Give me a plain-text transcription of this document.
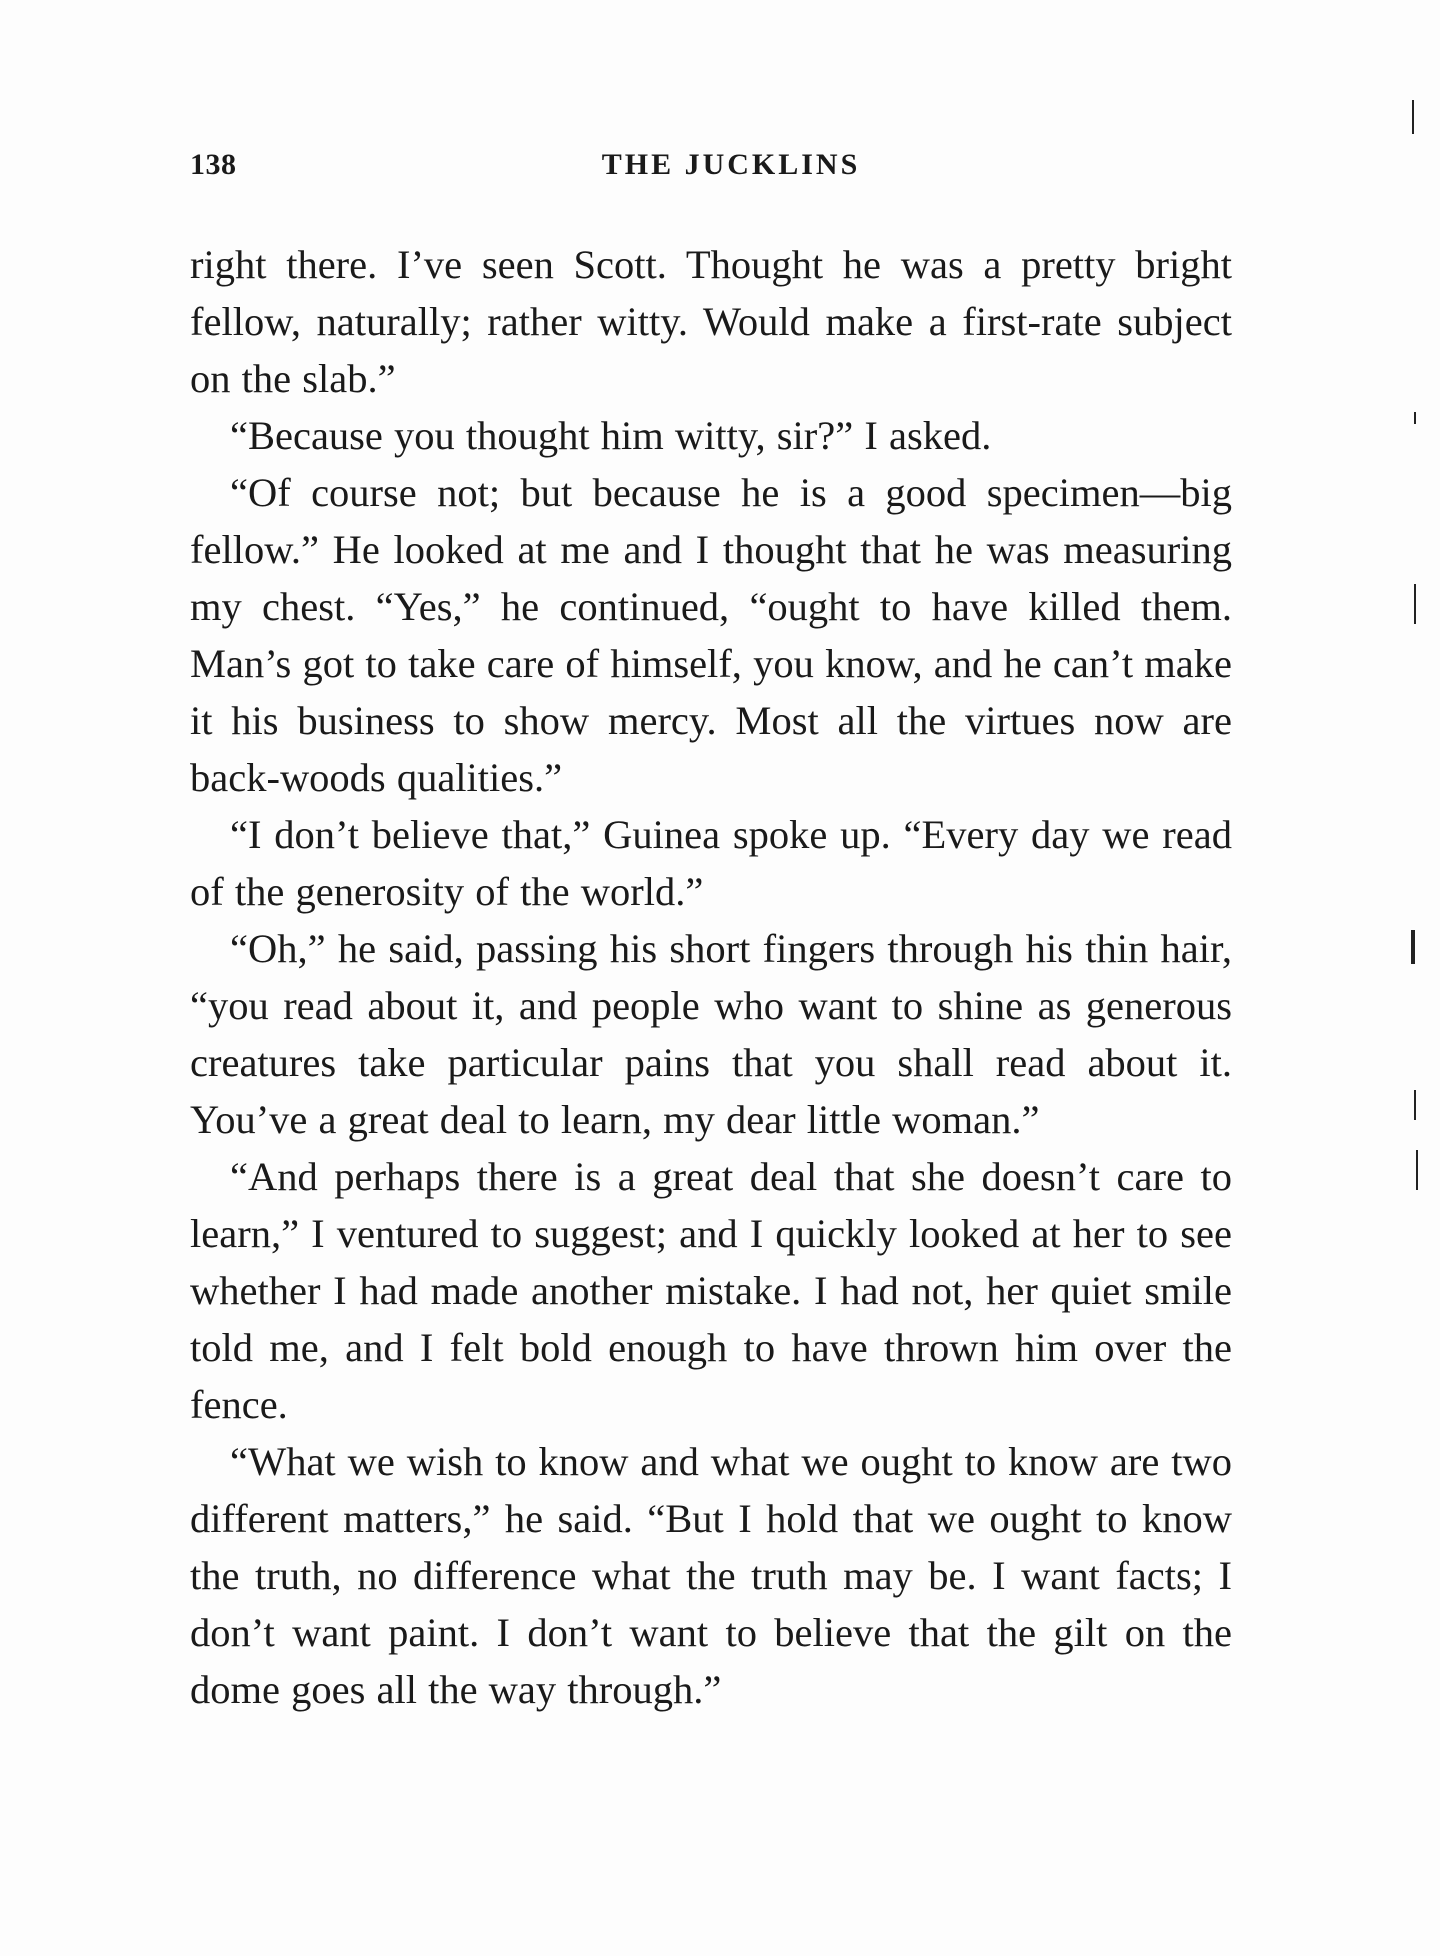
138	THE JUCKLINS

right there. I’ve seen Scott. Thought he was a pretty bright fellow, naturally; rather witty. Would make a first-rate subject on the slab.”

“Because you thought him witty, sir?” I asked.

“Of course not; but because he is a good specimen—big fellow.” He looked at me and I thought that he was measuring my chest. “Yes,” he continued, “ought to have killed them. Man’s got to take care of himself, you know, and he can’t make it his business to show mercy. Most all the virtues now are back-woods qualities.”

“I don’t believe that,” Guinea spoke up. “Every day we read of the generosity of the world.”

“Oh,” he said, passing his short fingers through his thin hair, “you read about it, and people who want to shine as generous creatures take particular pains that you shall read about it. You’ve a great deal to learn, my dear little woman.”

“And perhaps there is a great deal that she doesn’t care to learn,” I ventured to suggest; and I quickly looked at her to see whether I had made another mistake. I had not, her quiet smile told me, and I felt bold enough to have thrown him over the fence.

“What we wish to know and what we ought to know are two different matters,” he said. “But I hold that we ought to know the truth, no difference what the truth may be. I want facts; I don’t want paint. I don’t want to believe that the gilt on the dome goes all the way through.”
